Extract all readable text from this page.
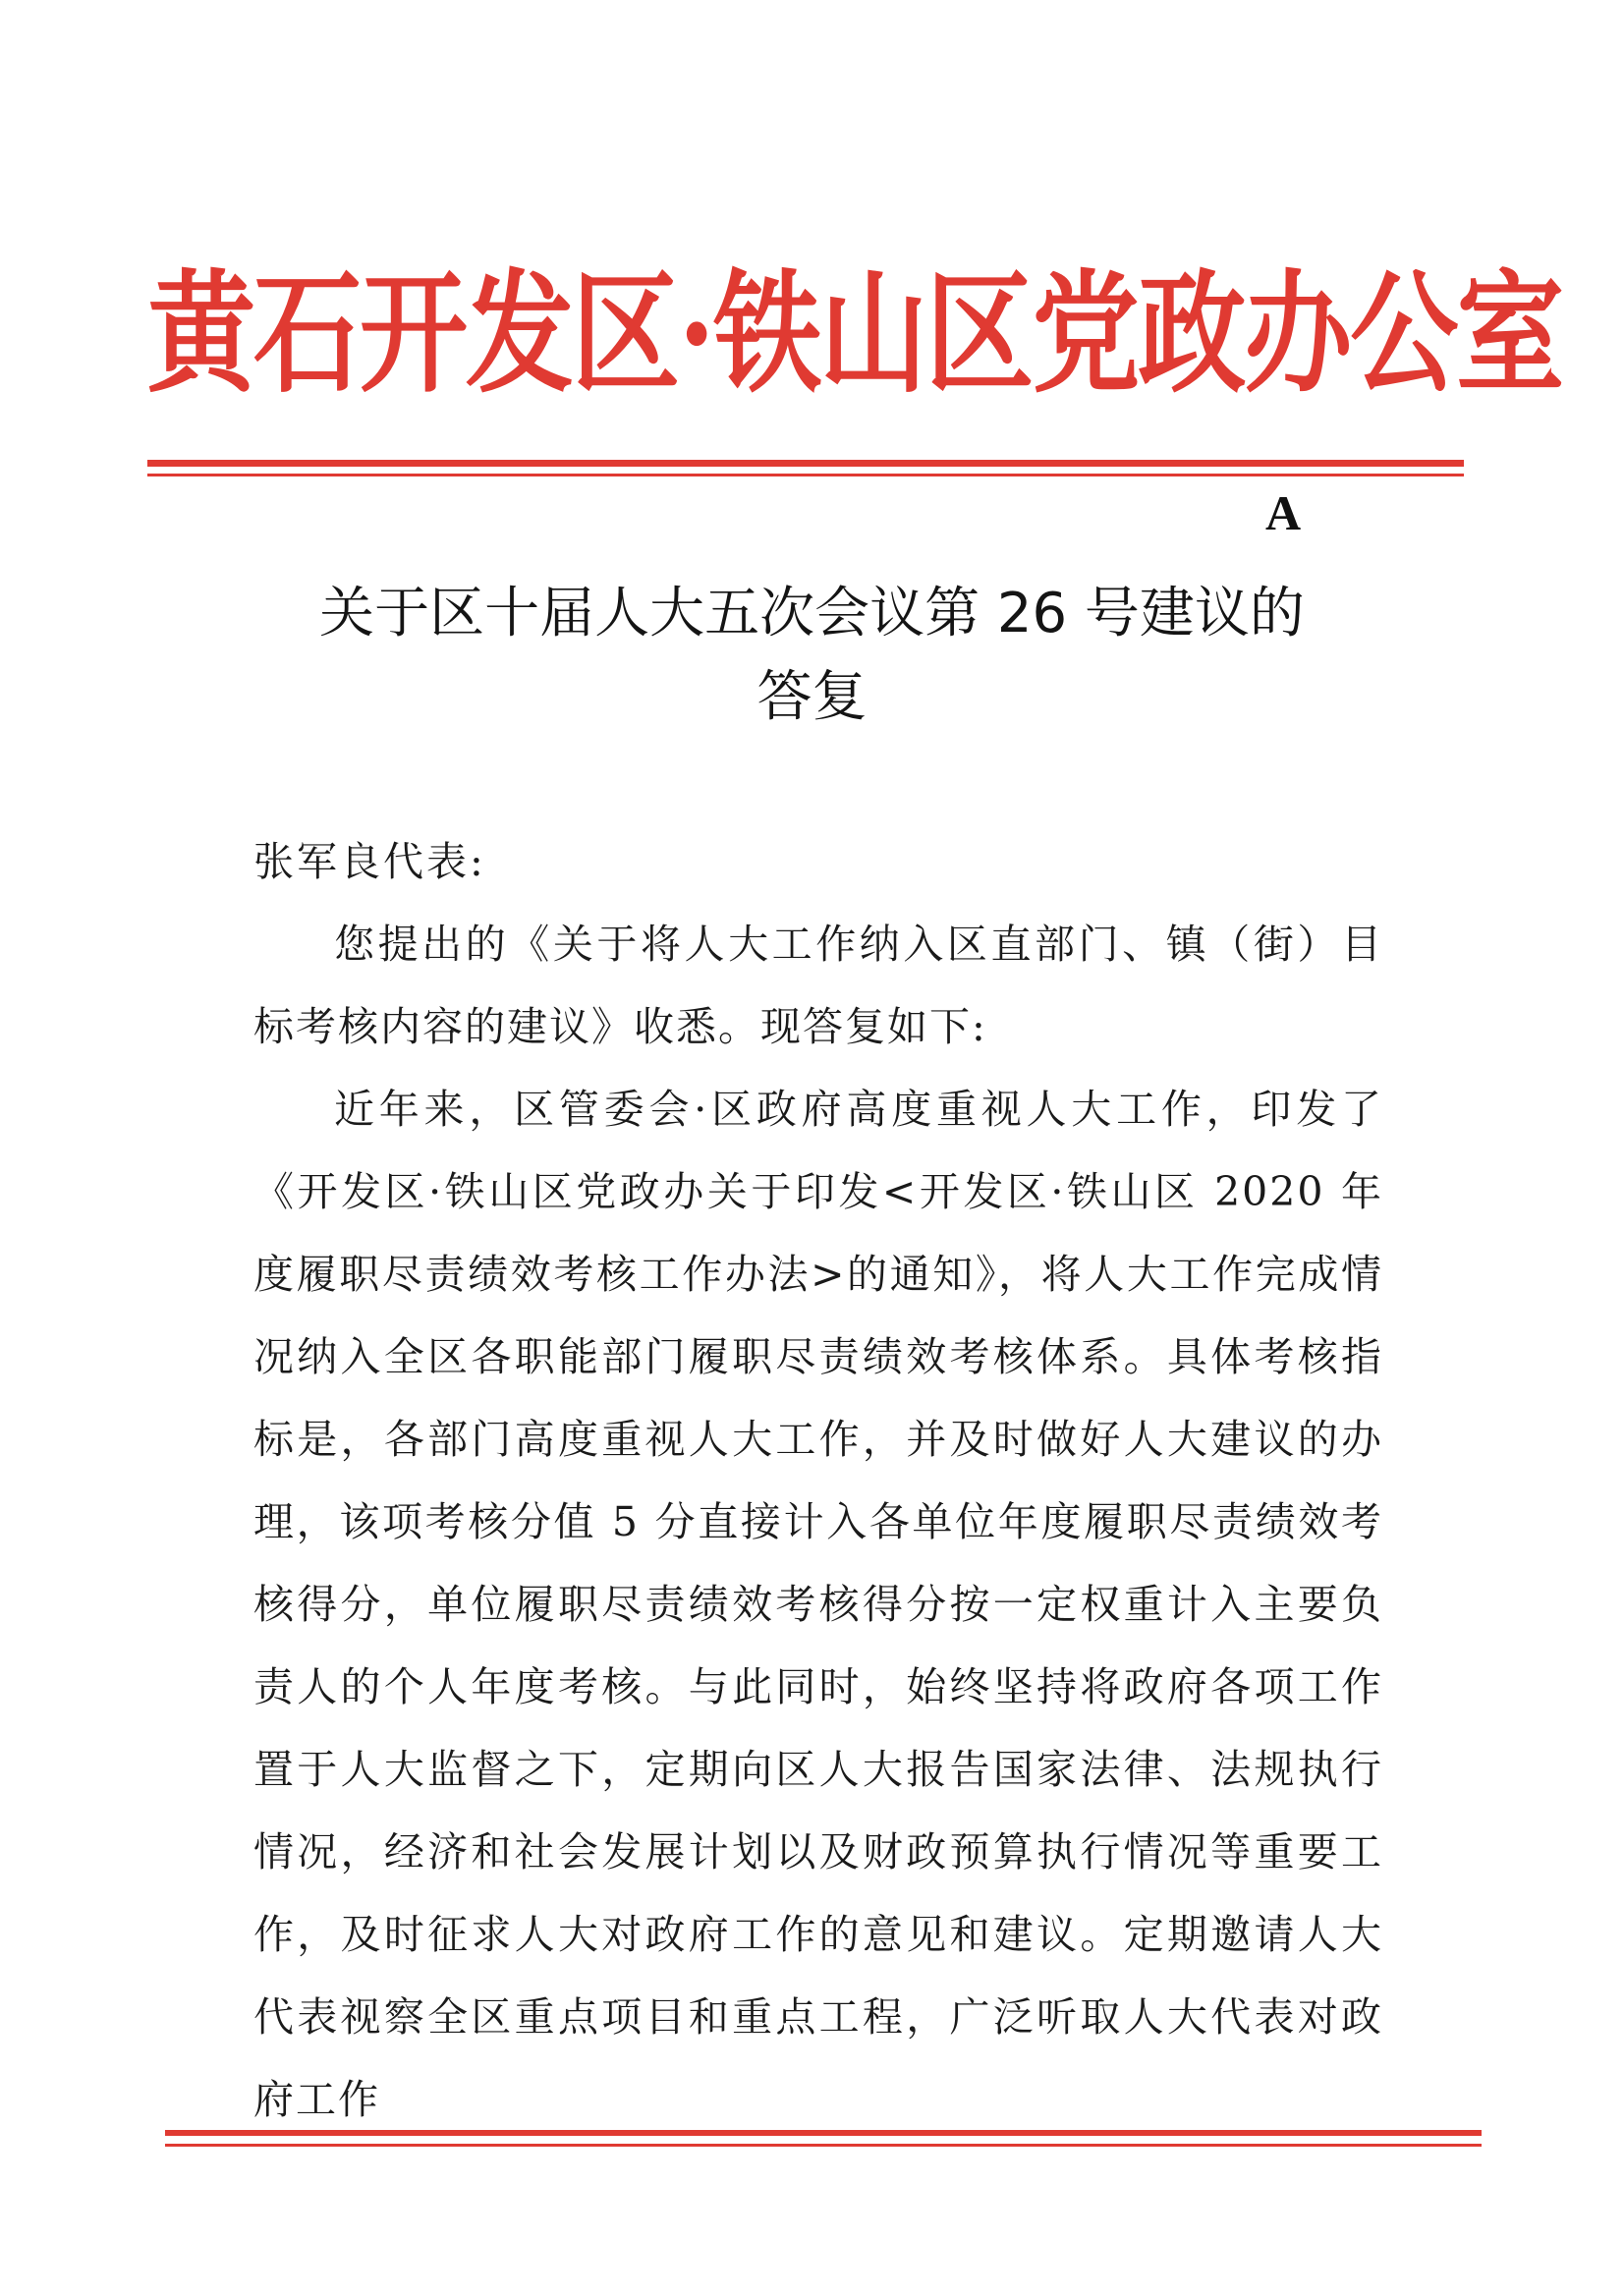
黄石开发区·铁山区党政办公室
A
关于区十届人大五次会议第 26 号建议的
答复
张军良代表:

您提出的《关于将人大工作纳入区直部门、镇（街）目标考核内容的建议》收悉。现答复如下:

近年来，区管委会·区政府高度重视人大工作，印发了《开发区·铁山区党政办关于印发<开发区·铁山区 2020 年度履职尽责绩效考核工作办法>的通知》，将人大工作完成情况纳入全区各职能部门履职尽责绩效考核体系。具体考核指标是，各部门高度重视人大工作，并及时做好人大建议的办理，该项考核分值 5 分直接计入各单位年度履职尽责绩效考核得分，单位履职尽责绩效考核得分按一定权重计入主要负责人的个人年度考核。与此同时，始终坚持将政府各项工作置于人大监督之下，定期向区人大报告国家法律、法规执行情况，经济和社会发展计划以及财政预算执行情况等重要工作，及时征求人大对政府工作的意见和建议。定期邀请人大代表视察全区重点项目和重点工程，广泛听取人大代表对政府工作
